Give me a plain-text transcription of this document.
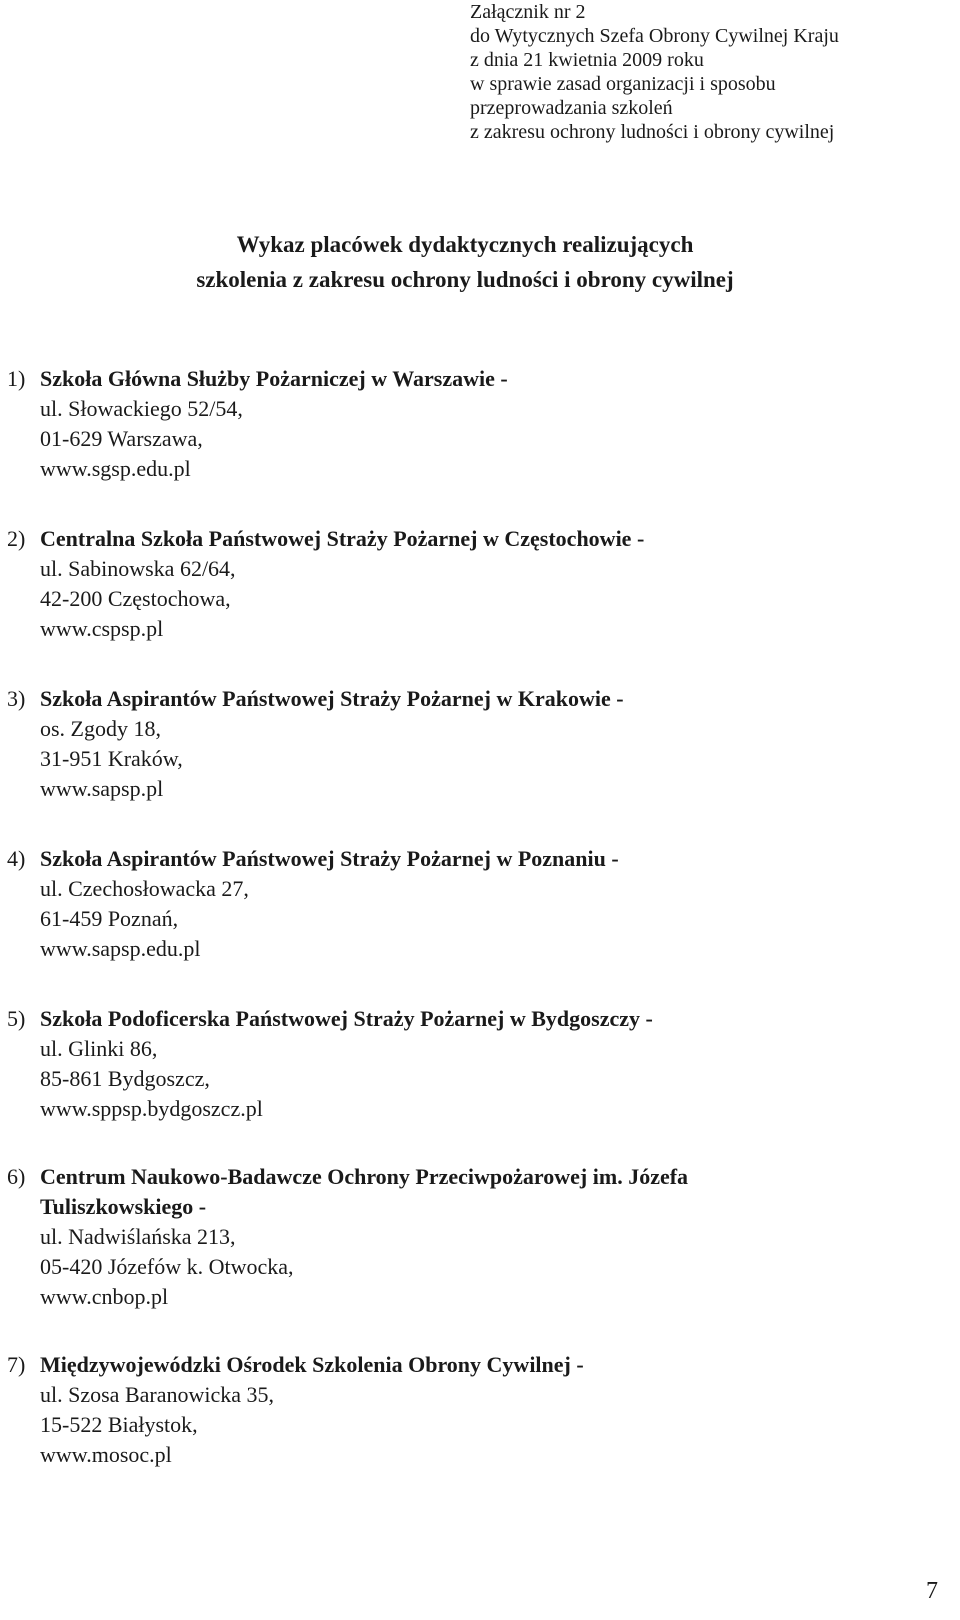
Załącznik nr 2
do Wytycznych Szefa Obrony Cywilnej Kraju
z dnia 21 kwietnia 2009 roku
w sprawie zasad organizacji i sposobu
przeprowadzania szkoleń
z zakresu ochrony ludności i obrony cywilnej
Wykaz placówek dydaktycznych realizujących
szkolenia z zakresu ochrony ludności i obrony cywilnej
1) Szkoła Główna Służby Pożarniczej w Warszawie -
ul. Słowackiego 52/54,
01-629 Warszawa,
www.sgsp.edu.pl
2) Centralna Szkoła Państwowej Straży Pożarnej w Częstochowie -
ul. Sabinowska 62/64,
42-200 Częstochowa,
www.cspsp.pl
3) Szkoła Aspirantów Państwowej Straży Pożarnej w Krakowie -
os. Zgody 18,
31-951 Kraków,
www.sapsp.pl
4) Szkoła Aspirantów Państwowej Straży Pożarnej w Poznaniu -
ul. Czechosłowacka 27,
61-459 Poznań,
www.sapsp.edu.pl
5) Szkoła Podoficerska Państwowej Straży Pożarnej w Bydgoszczy -
ul. Glinki 86,
85-861 Bydgoszcz,
www.sppsp.bydgoszcz.pl
6) Centrum Naukowo-Badawcze Ochrony Przeciwpożarowej im. Józefa Tuliszkowskiego -
ul. Nadwiślańska 213,
05-420 Józefów k. Otwocka,
www.cnbop.pl
7) Międzywojewódzki Ośrodek Szkolenia Obrony Cywilnej -
ul. Szosa Baranowicka 35,
15-522 Białystok,
www.mosoc.pl
7
